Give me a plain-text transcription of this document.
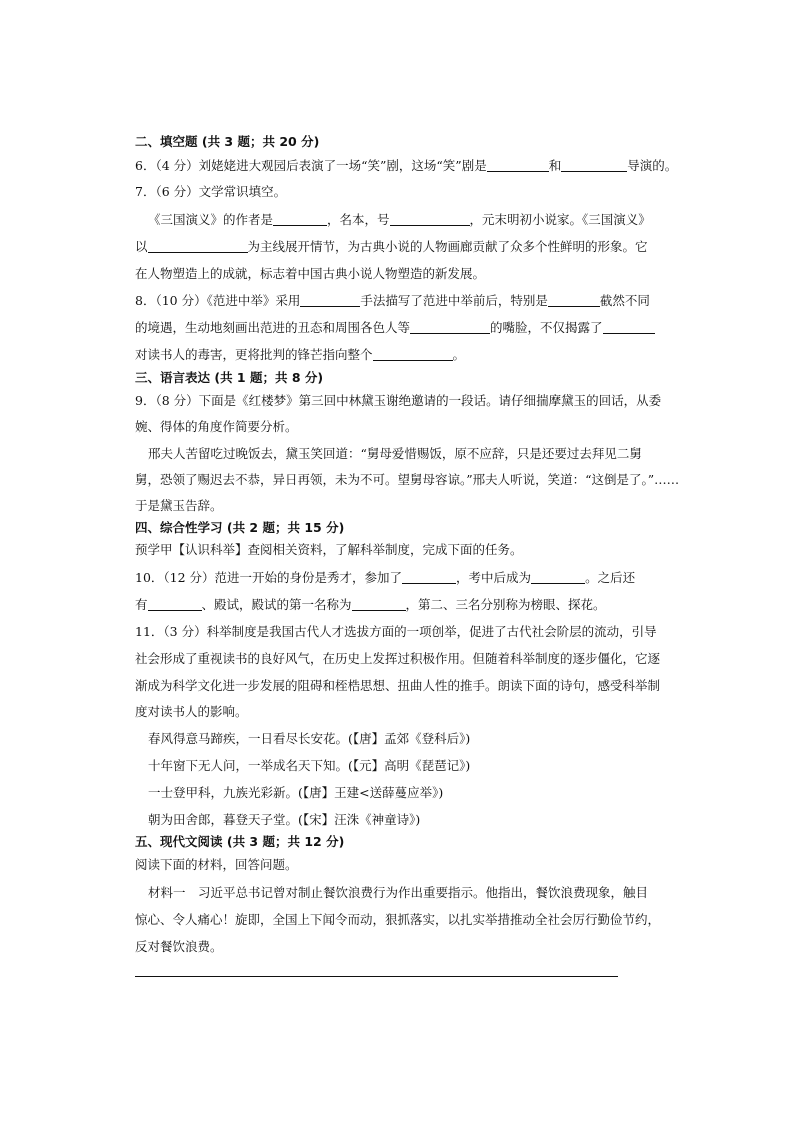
二、填空题 (共 3 题；共 20 分)
6．（4 分）刘姥姥进大观园后表演了一场“笑”剧，这场“笑”剧是	和	导演的。
7．（6 分）文学常识填空。
《三国演义》的作者是	，名本，号	，元末明初小说家。《三国演义》
以	为主线展开情节，为古典小说的人物画廊贡献了众多个性鲜明的形象。它
在人物塑造上的成就，标志着中国古典小说人物塑造的新发展。
8．（10 分）《范进中举》采用	手法描写了范进中举前后，特别是	截然不同
的境遇，生动地刻画出范进的丑态和周围各色人等	的嘴脸，不仅揭露了
对读书人的毒害，更将批判的锋芒指向整个	。
三、语言表达 (共 1 题；共 8 分)
9．（8 分）下面是《红楼梦》第三回中林黛玉谢绝邀请的一段话。请仔细揣摩黛玉的回话，从委
婉、得体的角度作简要分析。
邢夫人苦留吃过晚饭去，黛玉笑回道：“舅母爱惜赐饭，原不应辞，只是还要过去拜见二舅
舅，恐领了赐迟去不恭，异日再领，未为不可。望舅母容谅。”邢夫人听说，笑道：“这倒是了。”……
于是黛玉告辞。
四、综合性学习 (共 2 题；共 15 分)
预学甲【认识科举】查阅相关资料，了解科举制度，完成下面的任务。
10．（12 分）范进一开始的身份是秀才，参加了	，考中后成为	。之后还
有	、殿试，殿试的第一名称为	，第二、三名分别称为榜眼、探花。
11．（3 分）科举制度是我国古代人才选拔方面的一项创举，促进了古代社会阶层的流动，引导
社会形成了重视读书的良好风气，在历史上发挥过积极作用。但随着科举制度的逐步僵化，它逐
渐成为科学文化进一步发展的阻碍和桎梏思想、扭曲人性的推手。朗读下面的诗句，感受科举制
度对读书人的影响。
春风得意马蹄疾，一日看尽长安花。(【唐】孟郊《登科后》)
十年窗下无人问，一举成名天下知。(【元】高明《琵琶记》)
一士登甲科，九族光彩新。(【唐】王建<送薛蔓应举》)
朝为田舍郎，暮登天子堂。(【宋】汪洙《神童诗》)
五、现代文阅读 (共 3 题；共 12 分)
阅读下面的材料，回答问题。
材料一　习近平总书记曾对制止餐饮浪费行为作出重要指示。他指出，餐饮浪费现象，触目
惊心、令人痛心！旋即，全国上下闻令而动，狠抓落实，以扎实举措推动全社会厉行勤俭节约，
反对餐饮浪费。
